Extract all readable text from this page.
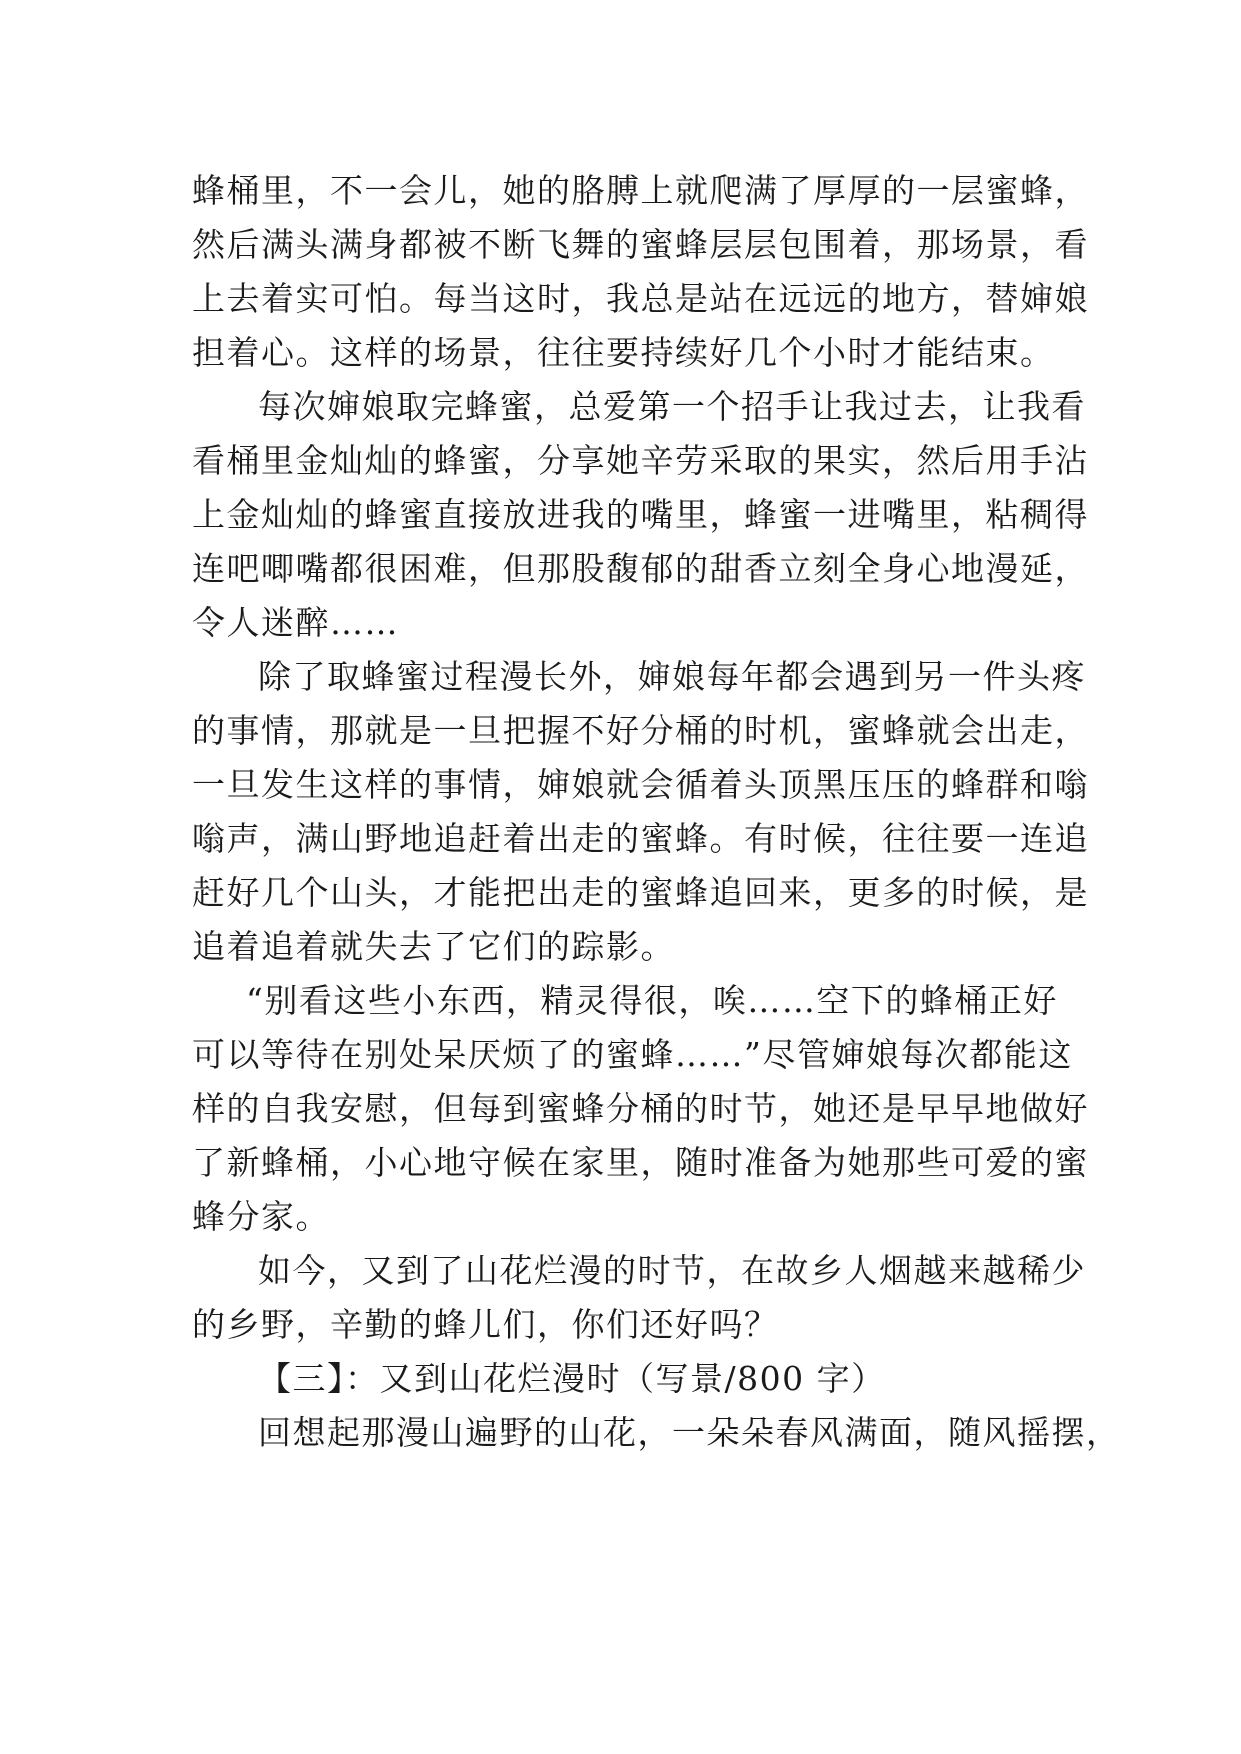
蜂桶里，不一会儿，她的胳膊上就爬满了厚厚的一层蜜蜂，
然后满头满身都被不断飞舞的蜜蜂层层包围着，那场景，看
上去着实可怕。每当这时，我总是站在远远的地方，替婶娘
担着心。这样的场景，往往要持续好几个小时才能结束。
每次婶娘取完蜂蜜，总爱第一个招手让我过去，让我看
看桶里金灿灿的蜂蜜，分享她辛劳采取的果实，然后用手沾
上金灿灿的蜂蜜直接放进我的嘴里，蜂蜜一进嘴里，粘稠得
连吧唧嘴都很困难，但那股馥郁的甜香立刻全身心地漫延，
令人迷醉……
除了取蜂蜜过程漫长外，婶娘每年都会遇到另一件头疼
的事情，那就是一旦把握不好分桶的时机，蜜蜂就会出走，
一旦发生这样的事情，婶娘就会循着头顶黑压压的蜂群和嗡
嗡声，满山野地追赶着出走的蜜蜂。有时候，往往要一连追
赶好几个山头，才能把出走的蜜蜂追回来，更多的时候，是
追着追着就失去了它们的踪影。
“别看这些小东西，精灵得很，唉……空下的蜂桶正好
可以等待在别处呆厌烦了的蜜蜂……”尽管婶娘每次都能这
样的自我安慰，但每到蜜蜂分桶的时节，她还是早早地做好
了新蜂桶，小心地守候在家里，随时准备为她那些可爱的蜜
蜂分家。
如今，又到了山花烂漫的时节，在故乡人烟越来越稀少
的乡野，辛勤的蜂儿们，你们还好吗？
【三】：又到山花烂漫时（写景/800 字）
回想起那漫山遍野的山花，一朵朵春风满面，随风摇摆，
